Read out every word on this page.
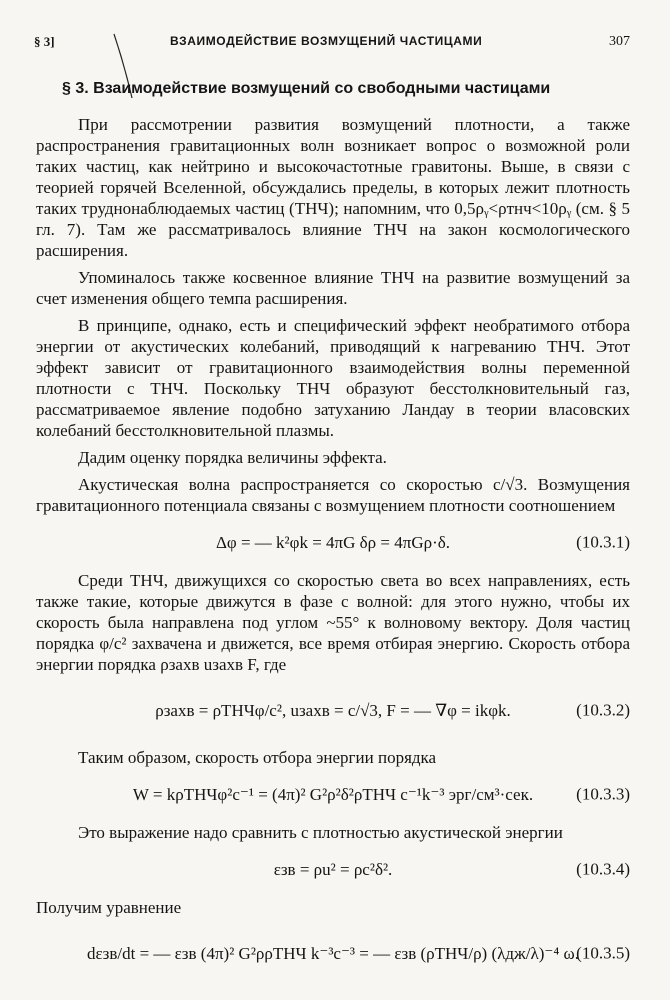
§ 3]	ВЗАИМОДЕЙСТВИЕ ВОЗМУЩЕНИЙ ЧАСТИЦАМИ	307
§ 3. Взаимодействие возмущений со свободными частицами

При рассмотрении развития возмущений плотности, а также распространения гравитационных волн возникает вопрос о возможной роли таких частиц, как нейтрино и высокочастотные гравитоны. Выше, в связи с теорией горячей Вселенной, обсуждались пределы, в которых лежит плотность таких труднонаблюдаемых частиц (ТНЧ); напомним, что 0,5ρᵧ<ρтнч<10ρᵧ (см. § 5 гл. 7). Там же рассматривалось влияние ТНЧ на закон космологического расширения.

Упоминалось также косвенное влияние ТНЧ на развитие возмущений за счет изменения общего темпа расширения.

В принципе, однако, есть и специфический эффект необратимого отбора энергии от акустических колебаний, приводящий к нагреванию ТНЧ. Этот эффект зависит от гравитационного взаимодействия волны переменной плотности с ТНЧ. Поскольку ТНЧ образуют бесстолкновительный газ, рассматриваемое явление подобно затуханию Ландау в теории власовских колебаний бесстолкновительной плазмы.

Дадим оценку порядка величины эффекта.

Акустическая волна распространяется со скоростью c/√3. Возмущения гравитационного потенциала связаны с возмущением плотности соотношением

Δφ = — k²φk = 4πG δρ = 4πGρ·δ.	(10.3.1)

Среди ТНЧ, движущихся со скоростью света во всех направлениях, есть также такие, которые движутся в фазе с волной: для этого нужно, чтобы их скорость была направлена под углом ~55° к волновому вектору. Доля частиц порядка φ/c² захвачена и движется, все время отбирая энергию. Скорость отбора энергии порядка ρзахв uзахв F, где

ρзахв = ρТНЧφ/c², uзахв = c/√3, F = — ∇φ = ikφk.	(10.3.2)

Таким образом, скорость отбора энергии порядка

W = kρТНЧφ²c⁻¹ = (4π)² G²ρ²δ²ρТНЧ c⁻¹k⁻³ эрг/см³·сек.	(10.3.3)

Это выражение надо сравнить с плотностью акустической энергии

εзв = ρu² = ρc²δ².	(10.3.4)

Получим уравнение

dεзв/dt = — εзв (4π)² G²ρρТНЧ k⁻³c⁻³ = — εзв (ρТНЧ/ρ) (λдж/λ)⁻⁴ ω.
(10.3.5)
